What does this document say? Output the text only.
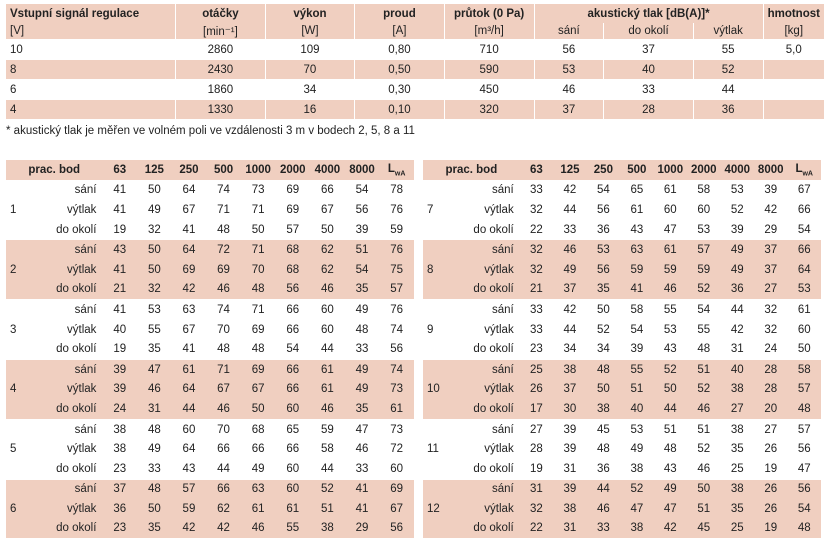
Vstupní signál regulace	otáčky	výkon	proud	průtok (0 Pa)	akustický tlak [dB(A)]*			hmotnost
[V]	[min⁻¹]	[W]	[A]	[m³/h]	sání	do okolí	výtlak	[kg]
10	2860	109	0,80	710	56	37	55	5,0
8	2430	70	0,50	590	53	40	52	
6	1860	34	0,30	450	46	33	44	
4	1330	16	0,10	320	37	28	36	
* akustický tlak je měřen ve volném poli ve vzdálenosti 3 m v bodech 2, 5, 8 a 11
prac. bod		63	125	250	500	1000	2000	4000	8000	$L_{wA}$
	sání	41	50	64	74	73	69	66	54	78
1	výtlak	41	49	67	71	71	69	67	56	76
	do okolí	19	32	41	48	50	57	50	39	59
	sání	43	50	64	72	71	68	62	51	76
2	výtlak	41	50	69	69	70	68	62	54	75
	do okolí	21	32	42	46	48	56	46	35	57
	sání	41	53	63	74	71	66	60	49	76
3	výtlak	40	55	67	70	69	66	60	48	74
	do okolí	19	35	41	48	48	54	44	33	56
	sání	39	47	61	71	69	66	61	49	74
4	výtlak	39	46	64	67	67	66	61	49	73
	do okolí	24	31	44	46	50	60	46	35	61
	sání	38	48	60	70	68	65	59	47	73
5	výtlak	38	49	64	66	66	66	58	46	72
	do okolí	23	33	43	44	49	60	44	33	60
	sání	37	48	57	66	63	60	52	41	69
6	výtlak	36	50	59	62	61	61	51	41	67
	do okolí	23	35	42	42	46	55	38	29	56
prac. bod		63	125	250	500	1000	2000	4000	8000	$L_{wA}$
	sání	33	42	54	65	61	58	53	39	67
7	výtlak	32	44	56	61	60	60	52	42	66
	do okolí	22	33	36	43	47	53	39	29	54
	sání	32	46	53	63	61	57	49	37	66
8	výtlak	32	49	56	59	59	59	49	37	64
	do okolí	21	37	35	41	46	52	36	27	53
	sání	33	42	50	58	55	54	44	32	61
9	výtlak	33	44	52	54	53	55	42	32	60
	do okolí	23	34	34	39	43	48	31	24	50
	sání	25	38	48	55	52	51	40	28	58
10	výtlak	26	37	50	51	50	52	38	28	57
	do okolí	17	30	38	40	44	46	27	20	48
	sání	27	39	45	53	51	51	38	27	57
11	výtlak	28	39	48	49	48	52	35	26	56
	do okolí	19	31	36	38	43	46	25	19	47
	sání	31	39	44	52	49	50	38	26	56
12	výtlak	32	38	46	47	47	51	35	26	54
	do okolí	22	31	33	38	42	45	25	19	48
